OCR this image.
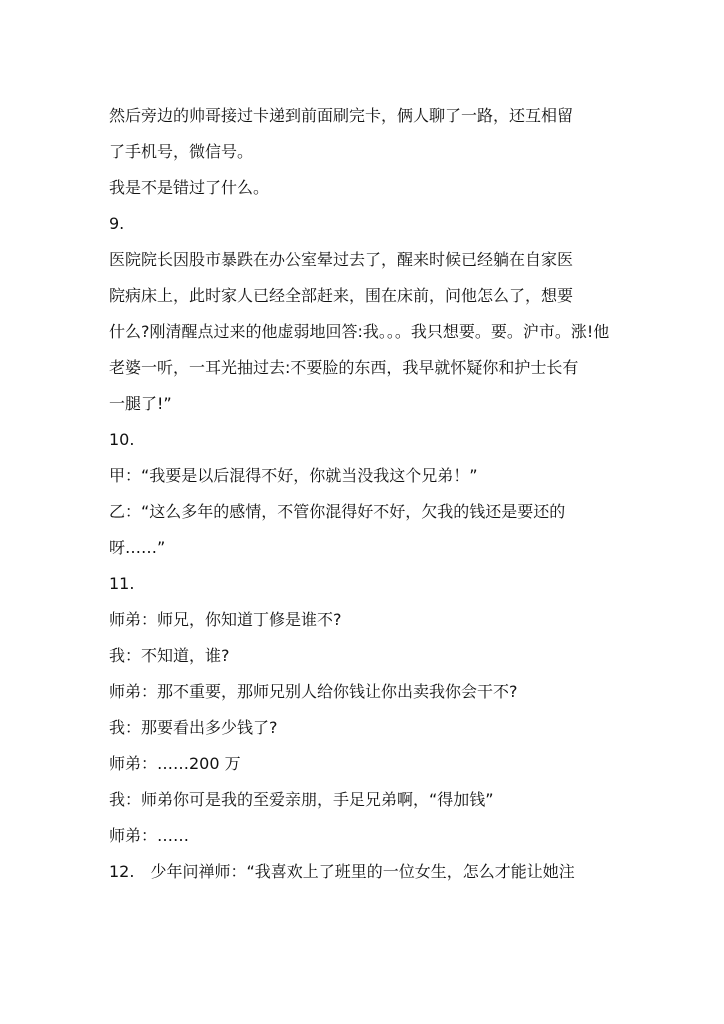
然后旁边的帅哥接过卡递到前面刷完卡，俩人聊了一路，还互相留
了手机号，微信号。
我是不是错过了什么。
9.
医院院长因股市暴跌在办公室晕过去了，醒来时候已经躺在自家医
院病床上，此时家人已经全部赶来，围在床前，问他怎么了，想要
什么?刚清醒点过来的他虚弱地回答:我。。。我只想要。要。沪市。涨!他
老婆一听，一耳光抽过去:不要脸的东西，我早就怀疑你和护士长有
一腿了!”
10.
甲：“我要是以后混得不好，你就当没我这个兄弟！”
乙：“这么多年的感情，不管你混得好不好，欠我的钱还是要还的
呀……”
11.
师弟：师兄，你知道丁修是谁不?
我：不知道，谁?
师弟：那不重要，那师兄别人给你钱让你出卖我你会干不?
我：那要看出多少钱了?
师弟：……200 万
我：师弟你可是我的至爱亲朋，手足兄弟啊，“得加钱”
师弟：……
12.　少年问禅师：“我喜欢上了班里的一位女生，怎么才能让她注
